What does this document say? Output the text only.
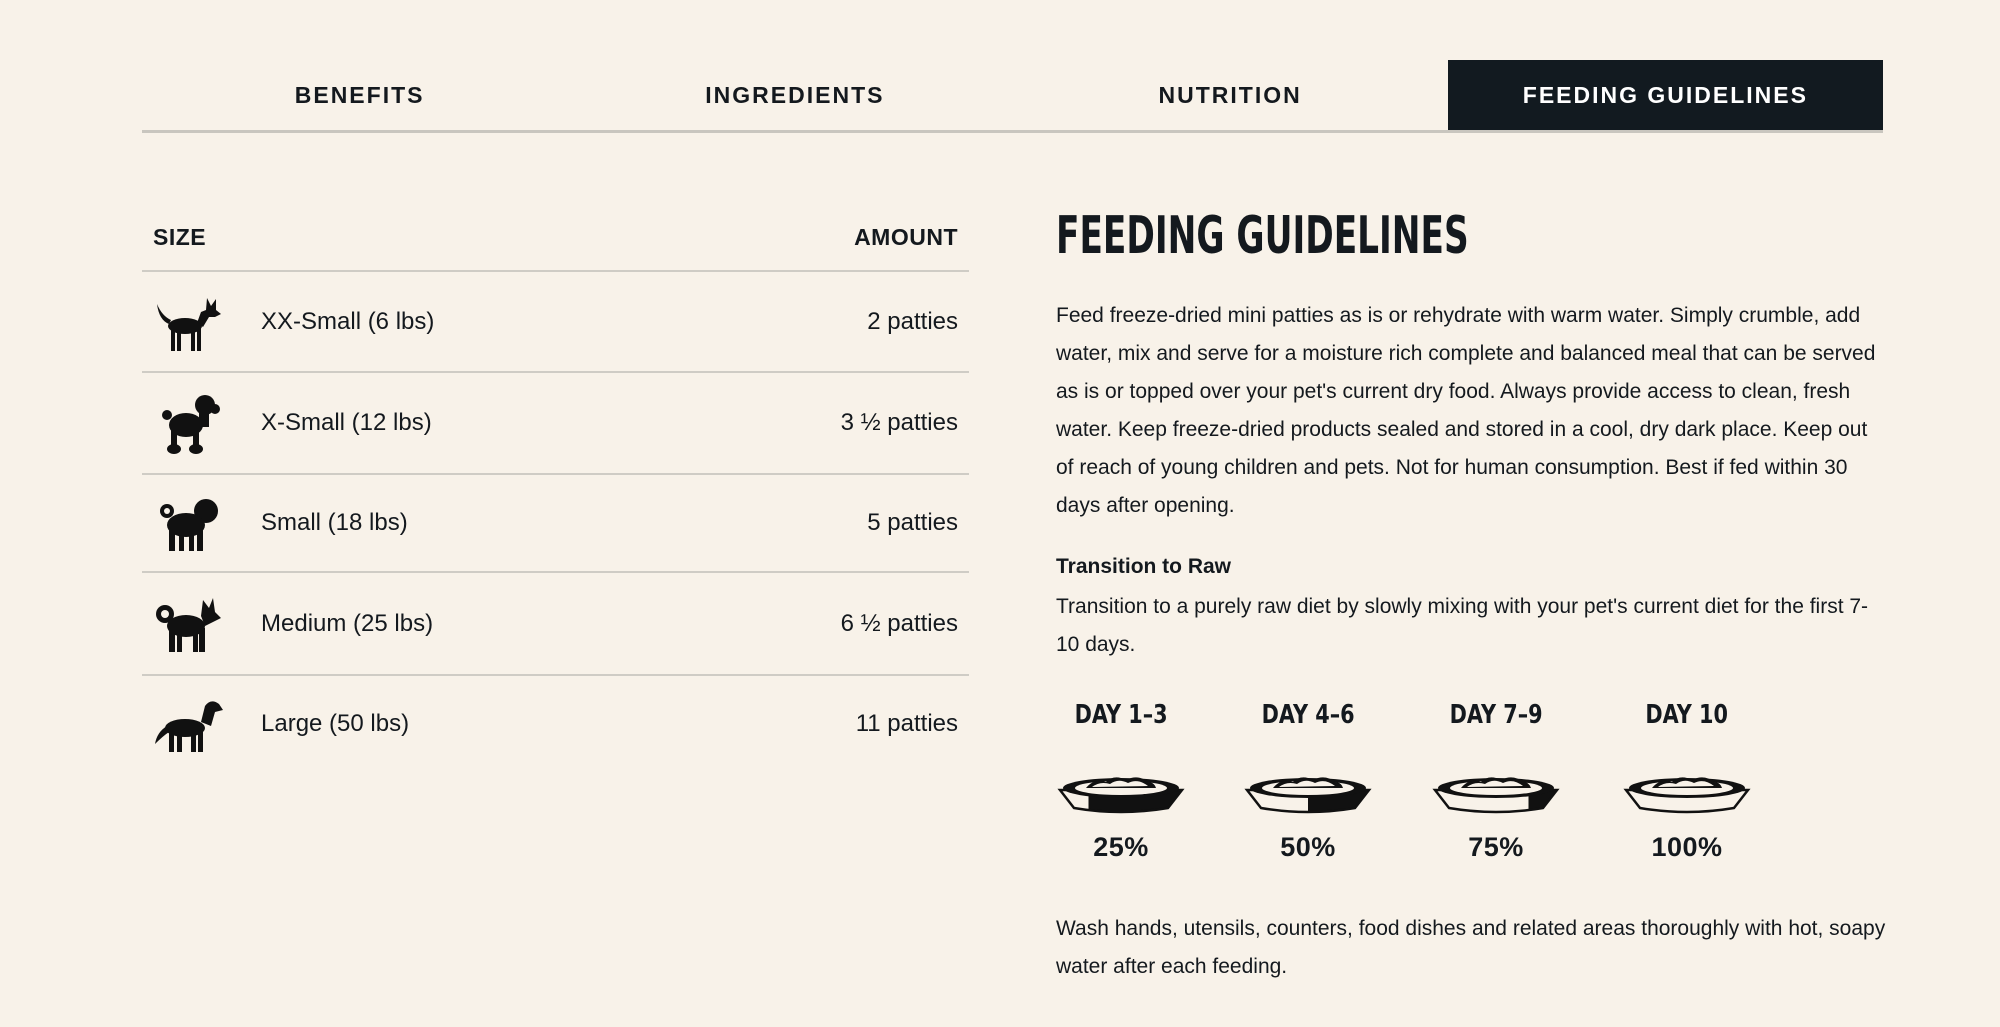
BENEFITS	INGREDIENTS	NUTRITION	FEEDING GUIDELINES
SIZE	AMOUNT
XX-Small (6 lbs)	2 patties
X-Small (12 lbs)	3 ½ patties
Small (18 lbs)	5 patties
Medium (25 lbs)	6 ½ patties
Large (50 lbs)	11 patties
FEEDING GUIDELINES

Feed freeze-dried mini patties as is or rehydrate with warm water. Simply crumble, add water, mix and serve for a moisture rich complete and balanced meal that can be served as is or topped over your pet's current dry food. Always provide access to clean, fresh water. Keep freeze-dried products sealed and stored in a cool, dry dark place. Keep out of reach of young children and pets. Not for human consumption. Best if fed within 30 days after opening.

Transition to Raw

Transition to a purely raw diet by slowly mixing with your pet's current diet for the first 7-10 days.

DAY 1–3
25%
DAY 4–6
50%
DAY 7–9
75%
DAY 10
100%

Wash hands, utensils, counters, food dishes and related areas thoroughly with hot, soapy water after each feeding.
